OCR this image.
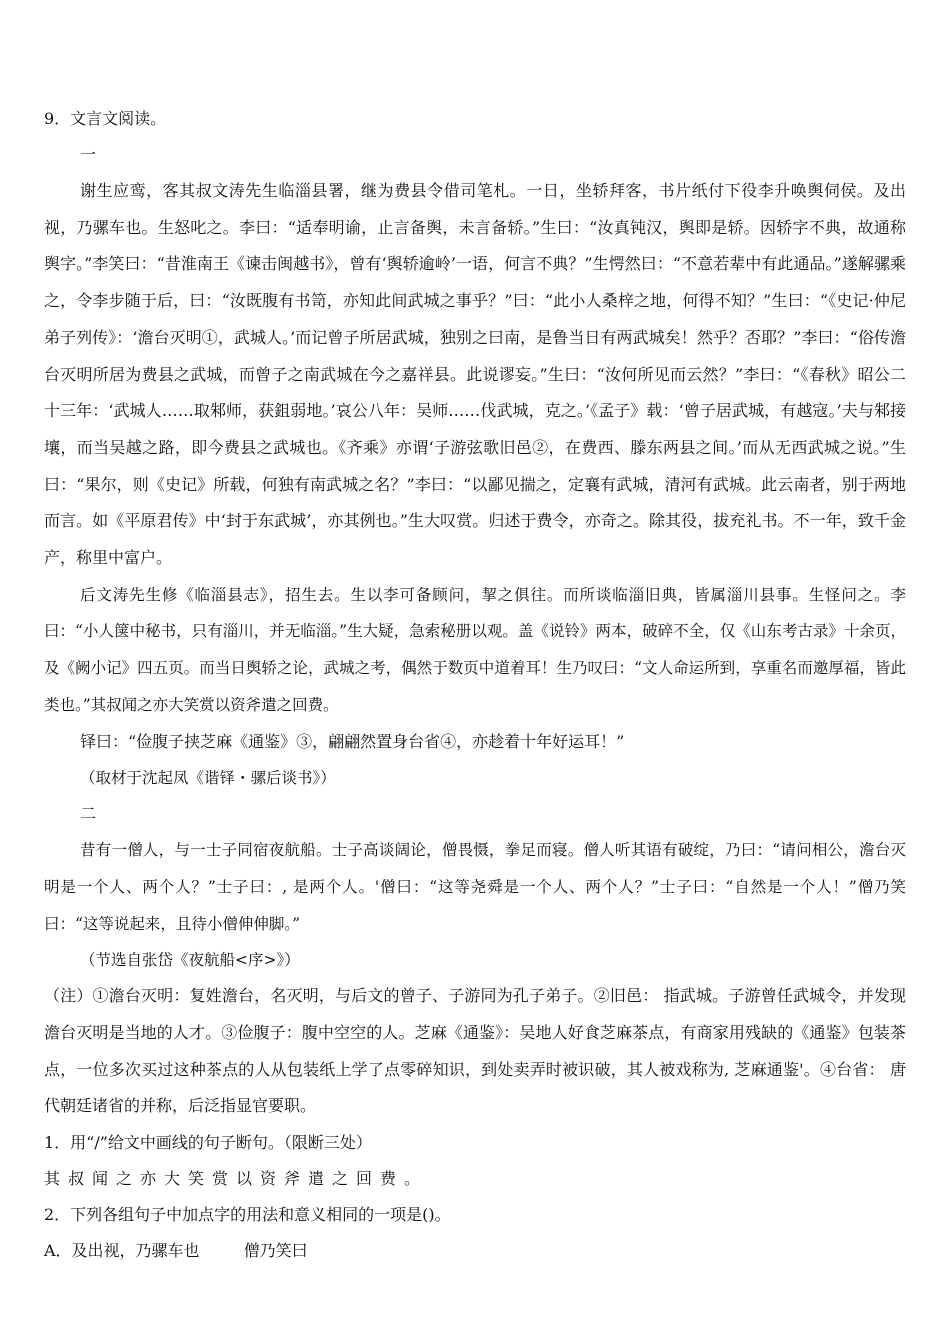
9．文言文阅读。

一

谢生应鸾，客其叔文涛先生临淄县署，继为费县令借司笔札。一日，坐轿拜客，书片纸付下役李升唤舆伺侯。及出视，乃骡车也。生怒叱之。李曰：“适奉明谕，止言备舆，未言备轿。”生曰：“汝真钝汉，舆即是轿。因轿字不典，故通称舆字。”李笑曰：“昔淮南王《谏击闽越书》，曾有‘舆轿逾岭’一语，何言不典？”生愕然曰：“不意若辈中有此通品。”遂解骡乘之，令李步随于后，曰：“汝既腹有书笥，亦知此间武城之事乎？”曰：“此小人桑梓之地，何得不知？”生曰：“《史记·仲尼弟子列传》：‘澹台灭明①，武城人。’而记曾子所居武城，独别之曰南，是鲁当日有两武城矣！然乎？否耶？”李曰：“俗传澹台灭明所居为费县之武城，而曾子之南武城在今之嘉祥县。此说谬妄。”生曰：“汝何所见而云然？”李曰：“《春秋》昭公二十三年：‘武城人……取邾师，获鉏弱地。’哀公八年：吴师……伐武城，克之。’《孟子》载：‘曾子居武城，有越寇。’夫与邾接壤，而当吴越之路，即今费县之武城也。《齐乘》亦谓‘子游弦歌旧邑②，在费西、滕东两县之间。’而从无西武城之说。”生曰：“果尔，则《史记》所载，何独有南武城之名？”李曰：“以鄙见揣之，定襄有武城，清河有武城。此云南者，别于两地而言。如《平原君传》中‘封于东武城’，亦其例也。”生大叹赏。归述于费令，亦奇之。除其役，拔充礼书。不一年，致千金产，称里中富户。

后文涛先生修《临淄县志》，招生去。生以李可备顾问，挈之俱往。而所谈临淄旧典，皆属淄川县事。生怪问之。李曰：“小人箧中秘书，只有淄川，并无临淄。”生大疑，急索秘册以观。盖《说铃》两本，破碎不全，仅《山东考古录》十余页，及《阙小记》四五页。而当日舆轿之论，武城之考，偶然于数页中道着耳！生乃叹曰：“文人命运所到，享重名而邀厚福，皆此类也。”其叔闻之亦大笑赏以资斧遣之回费。

铎曰：“俭腹子挟芝麻《通鉴》③，翩翩然置身台省④，亦趁着十年好运耳！”

（取材于沈起凤《谐铎・骡后谈书》）

二

昔有一僧人，与一士子同宿夜航船。士子高谈阔论，僧畏慑，拳足而寝。僧人听其语有破绽，乃曰：“请问相公，澹台灭明是一个人、两个人？”士子曰：, 是两个人。'僧曰：“这等尧舜是一个人、两个人？”士子曰：“自然是一个人！”僧乃笑曰：“这等说起来，且待小僧伸伸脚。”

（节选自张岱《夜航船<序>》）

（注）①澹台灭明：复姓澹台，名灭明，与后文的曾子、子游同为孔子弟子。②旧邑： 指武城。子游曾任武城令，并发现澹台灭明是当地的人才。③俭腹子：腹中空空的人。芝麻《通鉴》：吴地人好食芝麻茶点，有商家用残缺的《通鉴》包装茶点，一位多次买过这种茶点的人从包装纸上学了点零碎知识，到处卖弄时被识破，其人被戏称为, 芝麻通鉴'。④台省： 唐代朝廷诸省的并称，后泛指显官要职。

1．用“/”给文中画线的句子断句。（限断三处）

其叔闻之亦大笑赏以资斧遣之回费。

2．下列各组句子中加点字的用法和意义相同的一项是()。

A．及出视，乃骡车也	僧乃笑曰
